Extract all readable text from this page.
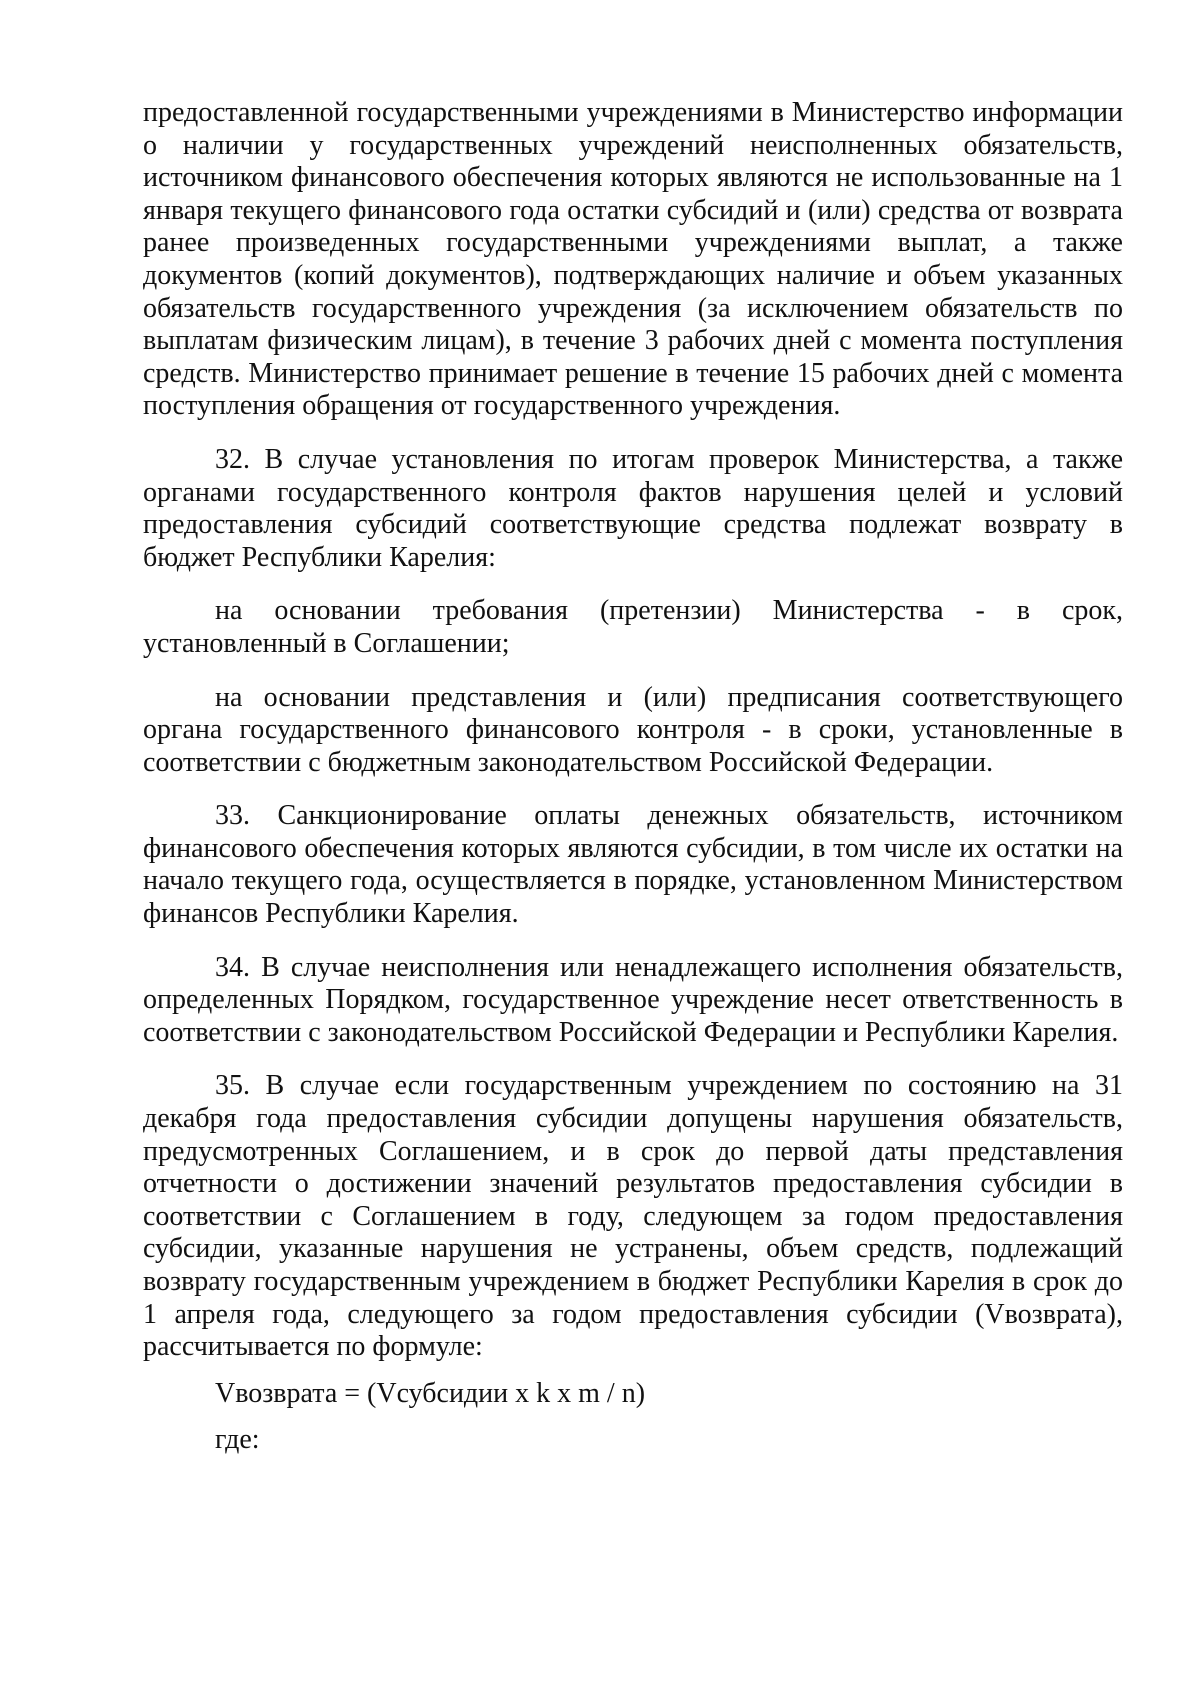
предоставленной государственными учреждениями в Министерство информации о наличии у государственных учреждений неисполненных обязательств, источником финансового обеспечения которых являются не использованные на 1 января текущего финансового года остатки субсидий и (или) средства от возврата ранее произведенных государственными учреждениями выплат, а также документов (копий документов), подтверждающих наличие и объем указанных обязательств государственного учреждения (за исключением обязательств по выплатам физическим лицам), в течение 3 рабочих дней с момента поступления средств. Министерство принимает решение в течение 15 рабочих дней с момента поступления обращения от государственного учреждения.

32. В случае установления по итогам проверок Министерства, а также органами государственного контроля фактов нарушения целей и условий предоставления субсидий соответствующие средства подлежат возврату в бюджет Республики Карелия:

на основании требования (претензии) Министерства - в срок, установленный в Соглашении;

на основании представления и (или) предписания соответствующего органа государственного финансового контроля - в сроки, установленные в соответствии с бюджетным законодательством Российской Федерации.

33. Санкционирование оплаты денежных обязательств, источником финансового обеспечения которых являются субсидии, в том числе их остатки на начало текущего года, осуществляется в порядке, установленном Министерством финансов Республики Карелия.

34. В случае неисполнения или ненадлежащего исполнения обязательств, определенных Порядком, государственное учреждение несет ответственность в соответствии с законодательством Российской Федерации и Республики Карелия.

35. В случае если государственным учреждением по состоянию на 31 декабря года предоставления субсидии допущены нарушения обязательств, предусмотренных Соглашением, и в срок до первой даты представления отчетности о достижении значений результатов предоставления субсидии в соответствии с Соглашением в году, следующем за годом предоставления субсидии, указанные нарушения не устранены, объем средств, подлежащий возврату государственным учреждением в бюджет Республики Карелия в срок до 1 апреля года, следующего за годом предоставления субсидии (Vвозврата), рассчитывается по формуле:

Vвозврата = (Vсубсидии x k x m / n)
где:
